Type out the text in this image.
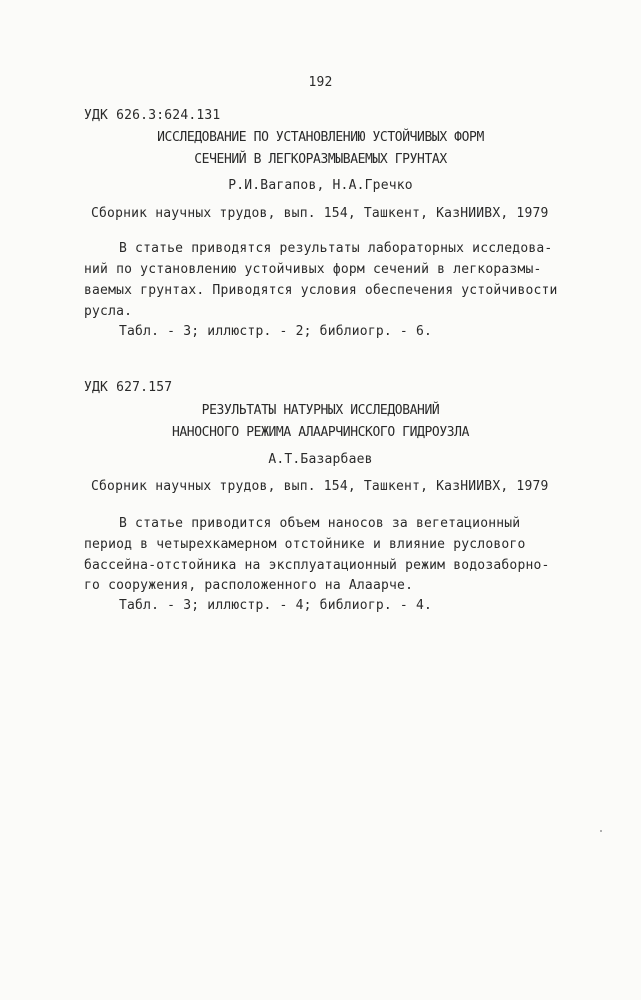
192
УДК 626.3:624.131
ИССЛЕДОВАНИЕ ПО УСТАНОВЛЕНИЮ УСТОЙЧИВЫХ ФОРМ
СЕЧЕНИЙ В ЛЕГКОРАЗМЫВАЕМЫХ ГРУНТАХ
Р.И.Вагапов, Н.А.Гречко
Сборник научных трудов, вып. 154, Ташкент, КазНИИВХ, 1979
В статье приводятся результаты лабораторных исследова-
ний по установлению устойчивых форм сечений в легкоразмы-
ваемых грунтах. Приводятся условия обеспечения устойчивости
русла.
Табл. - 3; иллюстр. - 2; библиогр. - 6.
УДК 627.157
РЕЗУЛЬТАТЫ НАТУРНЫХ ИССЛЕДОВАНИЙ
НАНОСНОГО РЕЖИМА АЛААРЧИНСКОГО ГИДРОУЗЛА
А.Т.Базарбаев
Сборник научных трудов, вып. 154, Ташкент, КазНИИВХ, 1979
В статье приводится объем наносов за вегетационный
период в четырехкамерном отстойнике и влияние руслового
бассейна-отстойника на эксплуатационный режим водозаборно-
го сооружения, расположенного на Алаарче.
Табл. - 3; иллюстр. - 4; библиогр. - 4.
